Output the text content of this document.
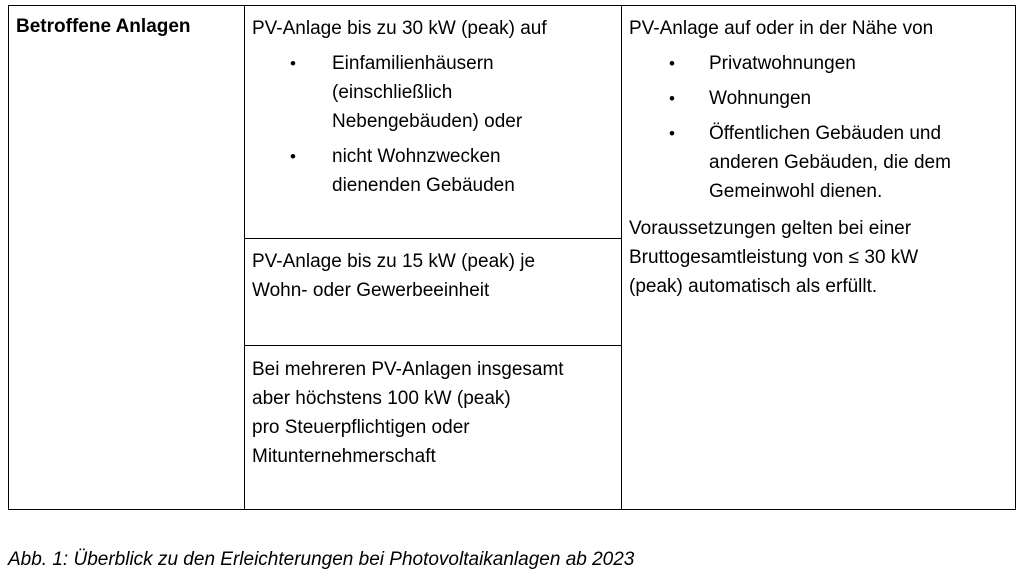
Betroffene Anlagen	PV-Anlage bis zu 30 kW (peak) auf
• Einfamilienhäusern
(einschließlich
Nebengebäuden) oder
• nicht Wohnzwecken
dienenden Gebäuden
PV-Anlage bis zu 15 kW (peak) je
Wohn- oder Gewerbeeinheit
Bei mehreren PV-Anlagen insgesamt
aber höchstens 100 kW (peak)
pro Steuerpflichtigen oder
Mitunternehmerschaft
PV-Anlage auf oder in der Nähe von
• Privatwohnungen
• Wohnungen
• Öffentlichen Gebäuden und
anderen Gebäuden, die dem
Gemeinwohl dienen.
Voraussetzungen gelten bei einer
Bruttogesamtleistung von ≤ 30 kW
(peak) automatisch als erfüllt.
Abb. 1: Überblick zu den Erleichterungen bei Photovoltaikanlagen ab 2023
